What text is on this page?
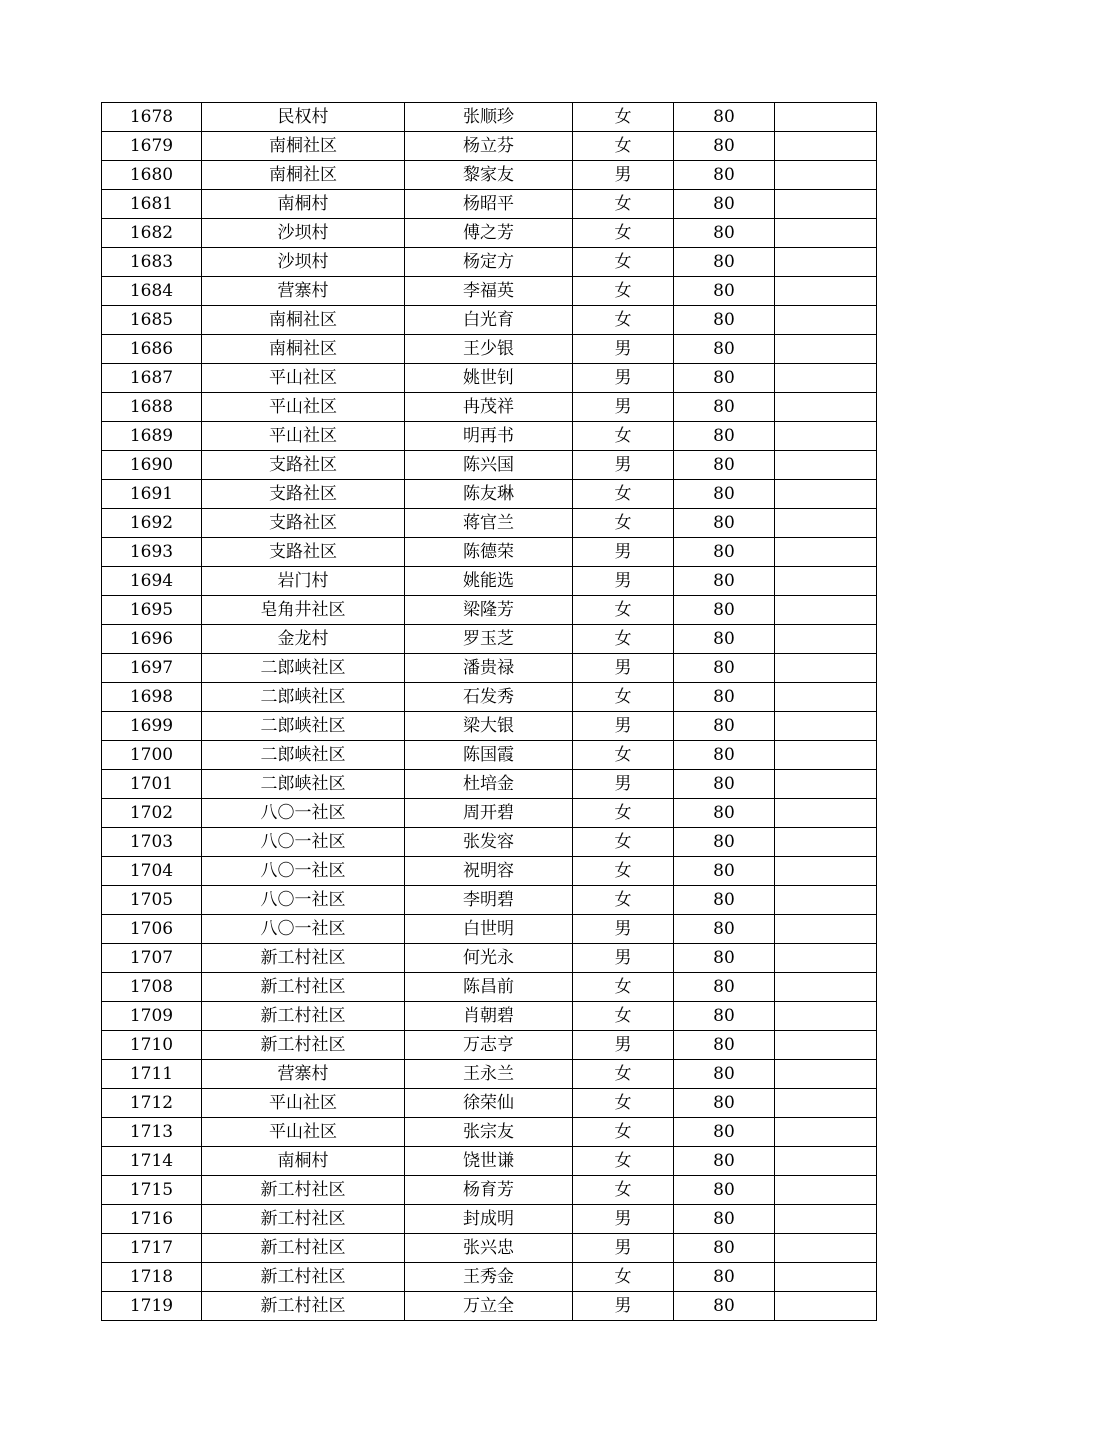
1678	民权村	张顺珍	女	80	
1679	南桐社区	杨立芬	女	80	
1680	南桐社区	黎家友	男	80	
1681	南桐村	杨昭平	女	80	
1682	沙坝村	傅之芳	女	80	
1683	沙坝村	杨定方	女	80	
1684	营寨村	李福英	女	80	
1685	南桐社区	白光育	女	80	
1686	南桐社区	王少银	男	80	
1687	平山社区	姚世钊	男	80	
1688	平山社区	冉茂祥	男	80	
1689	平山社区	明再书	女	80	
1690	支路社区	陈兴国	男	80	
1691	支路社区	陈友琳	女	80	
1692	支路社区	蒋官兰	女	80	
1693	支路社区	陈德荣	男	80	
1694	岩门村	姚能选	男	80	
1695	皂角井社区	梁隆芳	女	80	
1696	金龙村	罗玉芝	女	80	
1697	二郎峡社区	潘贵禄	男	80	
1698	二郎峡社区	石发秀	女	80	
1699	二郎峡社区	梁大银	男	80	
1700	二郎峡社区	陈国霞	女	80	
1701	二郎峡社区	杜培金	男	80	
1702	八〇一社区	周开碧	女	80	
1703	八〇一社区	张发容	女	80	
1704	八〇一社区	祝明容	女	80	
1705	八〇一社区	李明碧	女	80	
1706	八〇一社区	白世明	男	80	
1707	新工村社区	何光永	男	80	
1708	新工村社区	陈昌前	女	80	
1709	新工村社区	肖朝碧	女	80	
1710	新工村社区	万志亨	男	80	
1711	营寨村	王永兰	女	80	
1712	平山社区	徐荣仙	女	80	
1713	平山社区	张宗友	女	80	
1714	南桐村	饶世谦	女	80	
1715	新工村社区	杨育芳	女	80	
1716	新工村社区	封成明	男	80	
1717	新工村社区	张兴忠	男	80	
1718	新工村社区	王秀金	女	80	
1719	新工村社区	万立全	男	80	
